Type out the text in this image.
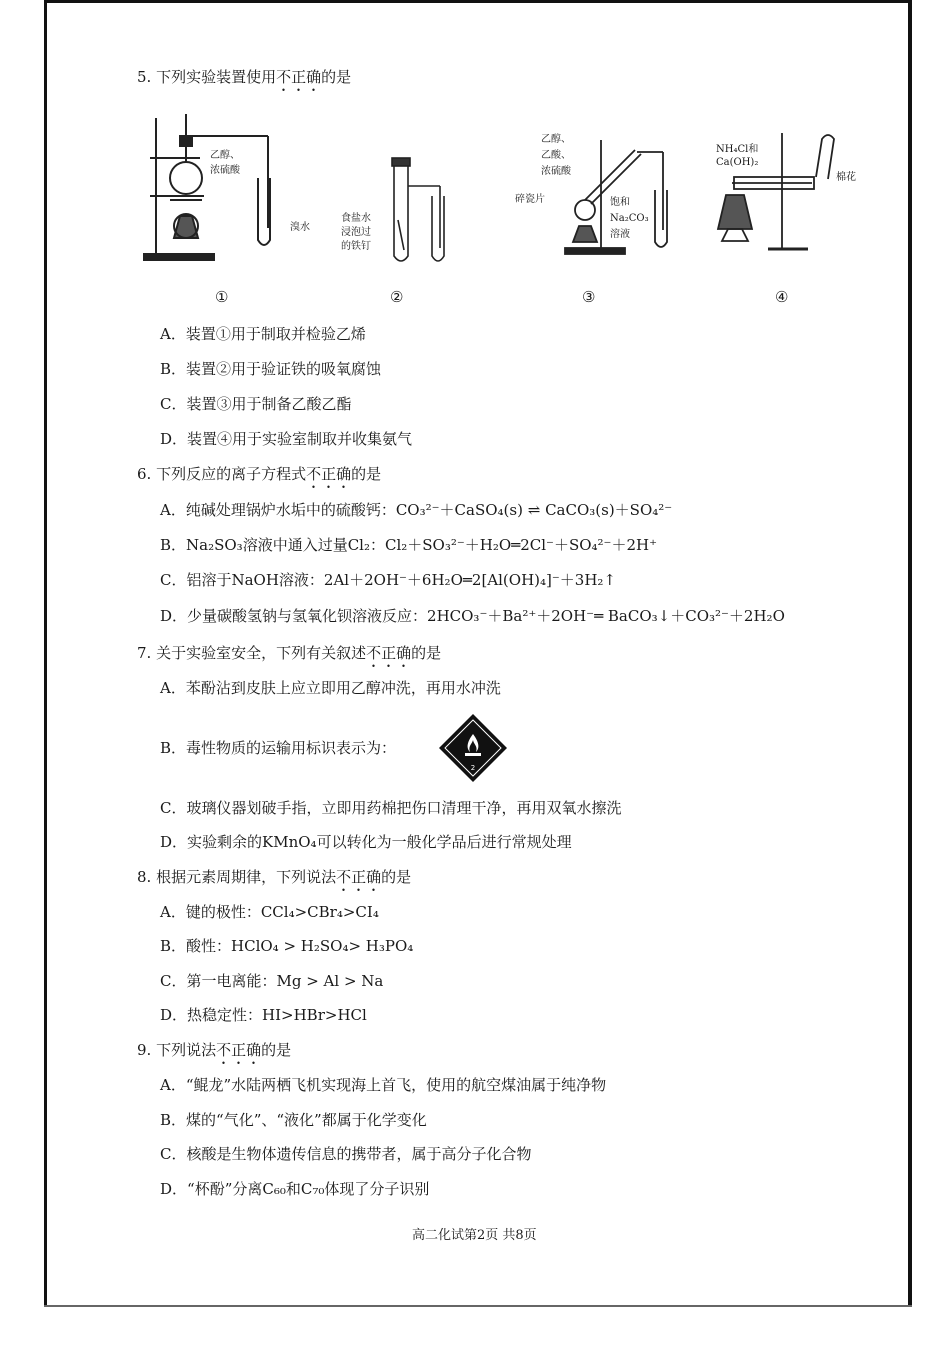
5. 下列实验装置使用不正确的是
乙醇、
浓硫酸
溴水
食盐水
浸泡过
的铁钉
乙醇、
乙酸、
浓硫酸
碎瓷片	饱和
Na₂CO₃
溶液
NH₄Cl和
Ca(OH)₂
棉花
①	②	③	④
A．装置①用于制取并检验乙烯
B．装置②用于验证铁的吸氧腐蚀
C．装置③用于制备乙酸乙酯
D．装置④用于实验室制取并收集氨气
6. 下列反应的离子方程式不正确的是
A．纯碱处理锅炉水垢中的硫酸钙：CO₃²⁻＋CaSO₄(s) ⇌ CaCO₃(s)＋SO₄²⁻
B．Na₂SO₃溶液中通入过量Cl₂：Cl₂＋SO₃²⁻＋H₂O═2Cl⁻＋SO₄²⁻＋2H⁺
C．铝溶于NaOH溶液：2Al＋2OH⁻＋6H₂O═2[Al(OH)₄]⁻＋3H₂↑
D．少量碳酸氢钠与氢氧化钡溶液反应：2HCO₃⁻＋Ba²⁺＋2OH⁻═ BaCO₃↓＋CO₃²⁻＋2H₂O
7. 关于实验室安全，下列有关叙述不正确的是
A．苯酚沾到皮肤上应立即用乙醇冲洗，再用水冲洗
B．毒性物质的运输用标识表示为：
2
C．玻璃仪器划破手指，立即用药棉把伤口清理干净，再用双氧水擦洗
D．实验剩余的KMnO₄可以转化为一般化学品后进行常规处理
8. 根据元素周期律，下列说法不正确的是
A．键的极性：CCl₄>CBr₄>CI₄
B．酸性：HClO₄ > H₂SO₄> H₃PO₄
C．第一电离能：Mg > Al > Na
D．热稳定性：HI>HBr>HCl
9. 下列说法不正确的是
A．“鲲龙”水陆两栖飞机实现海上首飞，使用的航空煤油属于纯净物
B．煤的“气化”、“液化”都属于化学变化
C．核酸是生物体遗传信息的携带者，属于高分子化合物
D．“杯酚”分离C₆₀和C₇₀体现了分子识别
高二化试第2页 共8页
